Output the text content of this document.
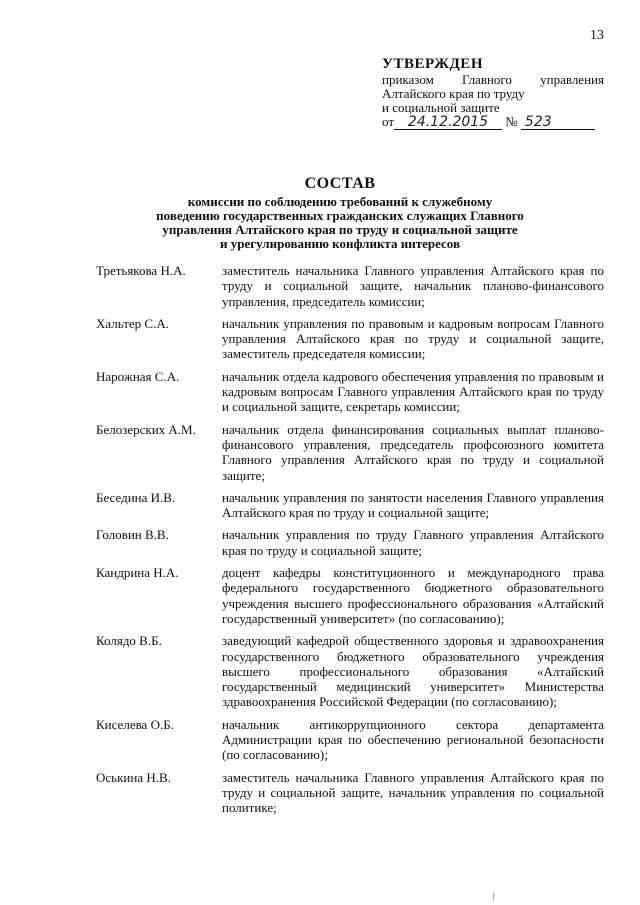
13
УТВЕРЖДЕН
приказом Главного управления
Алтайского края по труду
и социальной защите
от 24.12.2015 № 523
СОСТАВ
комиссии по соблюдению требований к служебному
поведению государственных гражданских служащих Главного
управления Алтайского края по труду и социальной защите
и урегулированию конфликта интересов
Третьякова Н.А.	заместитель начальника Главного управления Алтайского края по труду и социальной защите, начальник планово-финансового управления, председатель комиссии;
Хальтер С.А.	начальник управления по правовым и кадровым вопросам Главного управления Алтайского края по труду и социальной защите, заместитель председателя комиссии;
Нарожная С.А.	начальник отдела кадрового обеспечения управления по правовым и кадровым вопросам Главного управления Алтайского края по труду и социальной защите, секретарь комиссии;
Белозерских А.М.	начальник отдела финансирования социальных выплат планово-финансового управления, председатель профсоюзного комитета Главного управления Алтайского края по труду и социальной защите;
Беседина И.В.	начальник управления по занятости населения Главного управления Алтайского края по труду и социальной защите;
Головин В.В.	начальник управления по труду Главного управления Алтайского края по труду и социальной защите;
Кандрина Н.А.	доцент кафедры конституционного и международного права федерального государственного бюджетного образовательного учреждения высшего профессионального образования «Алтайский государственный университет» (по согласованию);
Колядо В.Б.	заведующий кафедрой общественного здоровья и здравоохранения государственного бюджетного образовательного учреждения высшего профессионального образования «Алтайский государственный медицинский университет» Министерства здравоохранения Российской Федерации (по согласованию);
Киселева О.Б.	начальник антикоррупционного сектора департамента Администрации края по обеспечению региональной безопасности (по согласованию);
Оськина Н.В.	заместитель начальника Главного управления Алтайского края по труду и социальной защите, начальник управления по социальной политике;
